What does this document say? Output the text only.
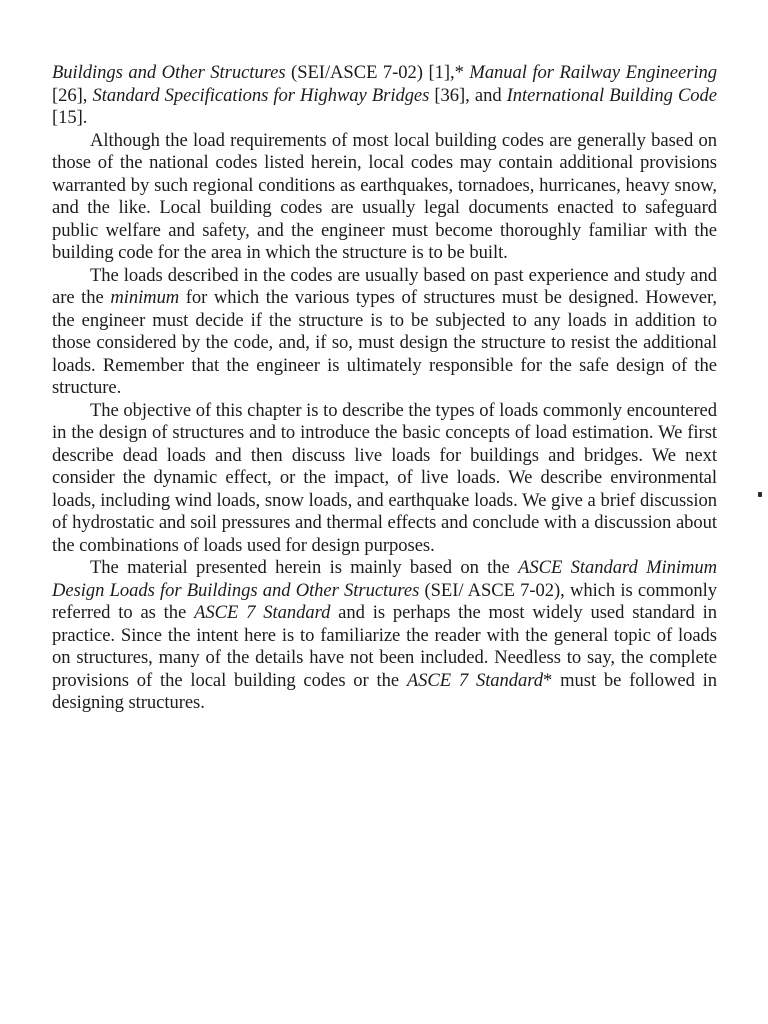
Buildings and Other Structures (SEI/ASCE 7-02) [1],* Manual for Railway Engineering [26], Standard Specifications for Highway Bridges [36], and International Building Code [15].

Although the load requirements of most local building codes are generally based on those of the national codes listed herein, local codes may contain additional provisions warranted by such regional conditions as earthquakes, tornadoes, hurricanes, heavy snow, and the like. Local building codes are usually legal documents enacted to safeguard public welfare and safety, and the engineer must become thoroughly familiar with the building code for the area in which the structure is to be built.

The loads described in the codes are usually based on past experience and study and are the minimum for which the various types of structures must be designed. However, the engineer must decide if the structure is to be subjected to any loads in addition to those considered by the code, and, if so, must design the structure to resist the additional loads. Remember that the engineer is ultimately responsible for the safe design of the structure.

The objective of this chapter is to describe the types of loads commonly encountered in the design of structures and to introduce the basic concepts of load estimation. We first describe dead loads and then discuss live loads for buildings and bridges. We next consider the dynamic effect, or the impact, of live loads. We describe environmental loads, including wind loads, snow loads, and earthquake loads. We give a brief discussion of hydrostatic and soil pressures and thermal effects and conclude with a discussion about the combinations of loads used for design purposes.

The material presented herein is mainly based on the ASCE Standard Minimum Design Loads for Buildings and Other Structures (SEI/ ASCE 7-02), which is commonly referred to as the ASCE 7 Standard and is perhaps the most widely used standard in practice. Since the intent here is to familiarize the reader with the general topic of loads on structures, many of the details have not been included. Needless to say, the complete provisions of the local building codes or the ASCE 7 Standard* must be followed in designing structures.
